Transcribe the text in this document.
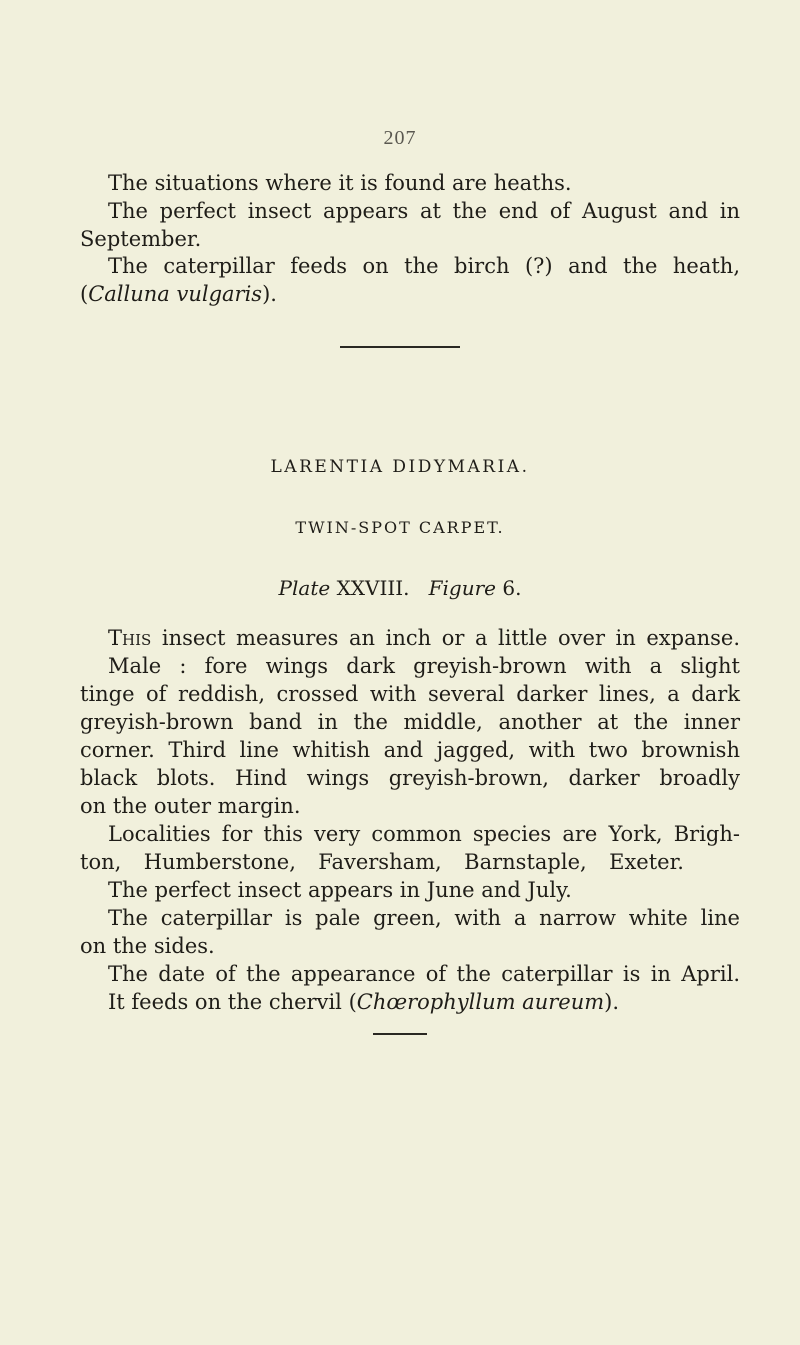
207
The situations where it is found are heaths.
The perfect insect appears at the end of August and in
September.
The caterpillar feeds on the birch (?) and the heath,
(Calluna vulgaris).
LARENTIA DIDYMARIA.
TWIN-SPOT CARPET.
Plate XXVIII. Figure 6.
This insect measures an inch or a little over in expanse.
Male : fore wings dark greyish-brown with a slight
tinge of reddish, crossed with several darker lines, a dark
greyish-brown band in the middle, another at the inner
corner. Third line whitish and jagged, with two brownish
black blots. Hind wings greyish-brown, darker broadly
on the outer margin.
Localities for this very common species are York, Brigh-
ton, Humberstone, Faversham, Barnstaple, Exeter.
The perfect insect appears in June and July.
The caterpillar is pale green, with a narrow white line
on the sides.
The date of the appearance of the caterpillar is in April.
It feeds on the chervil (Chœrophyllum aureum).
